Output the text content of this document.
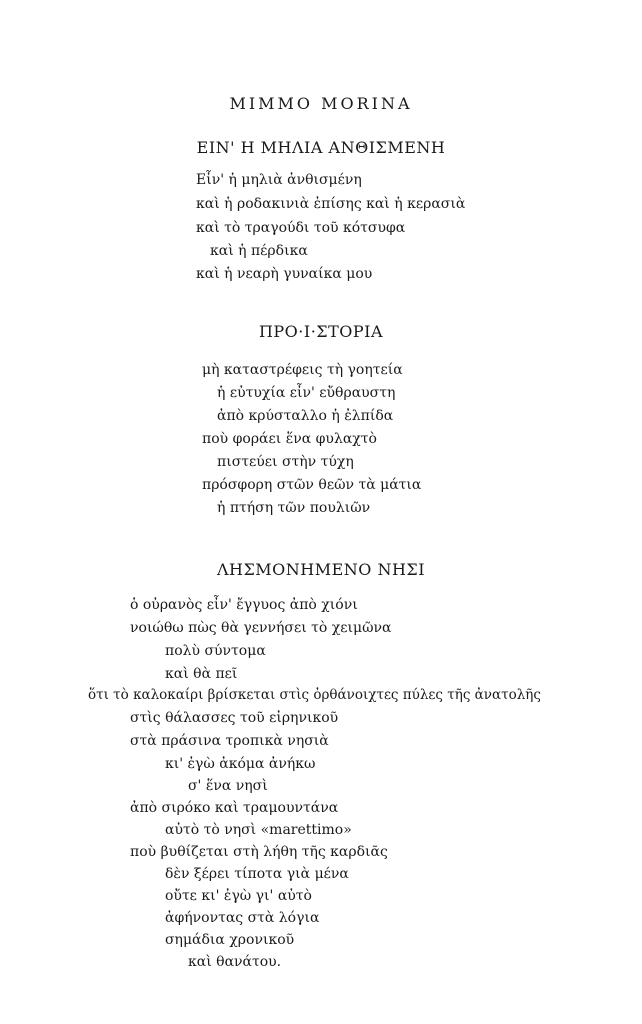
MIMMO MORINA
ΕΙΝ' Η ΜΗΛΙΑ ΑΝΘΙΣΜΕΝΗ
Εἶν' ἡ μηλιὰ ἀνθισμένη
καὶ ἡ ροδακινιὰ ἐπίσης καὶ ἡ κερασιὰ
καὶ τὸ τραγούδι τοῦ κότσυφα
καὶ ἡ πέρδικα
καὶ ἡ νεαρὴ γυναίκα μου
ΠΡΟ·Ι·ΣΤΟΡΙΑ
μὴ καταστρέφεις τὴ γοητεία
ἡ εὐτυχία εἶν' εὔθραυστη
ἀπὸ κρύσταλλο ἡ ἐλπίδα
ποὺ φοράει ἕνα φυλαχτὸ
πιστεύει στὴν τύχη
πρόσφορη στῶν θεῶν τὰ μάτια
ἡ πτήση τῶν πουλιῶν
ΛΗΣΜΟΝΗΜΕΝΟ ΝΗΣΙ
ὁ οὐρανὸς εἶν' ἔγγυος ἀπὸ χιόνι
νοιώθω πὼς θὰ γεννήσει τὸ χειμῶνα
πολὺ σύντομα
καὶ θὰ πεῖ
ὅτι τὸ καλοκαίρι βρίσκεται στὶς ὀρθάνοιχτες πύλες τῆς ἀνατολῆς
στὶς θάλασσες τοῦ εἰρηνικοῦ
στὰ πράσινα τροπικὰ νησιὰ
κι' ἐγὼ ἀκόμα ἀνήκω
σ' ἕνα νησὶ
ἀπὸ σιρόκο καὶ τραμουντάνα
αὐτὸ τὸ νησὶ «marettimo»
ποὺ βυθίζεται στὴ λήθη τῆς καρδιᾶς
δὲν ξέρει τίποτα γιὰ μένα
οὔτε κι' ἐγὼ γι' αὐτὸ
ἀφήνοντας στὰ λόγια
σημάδια χρονικοῦ
καὶ θανάτου.
